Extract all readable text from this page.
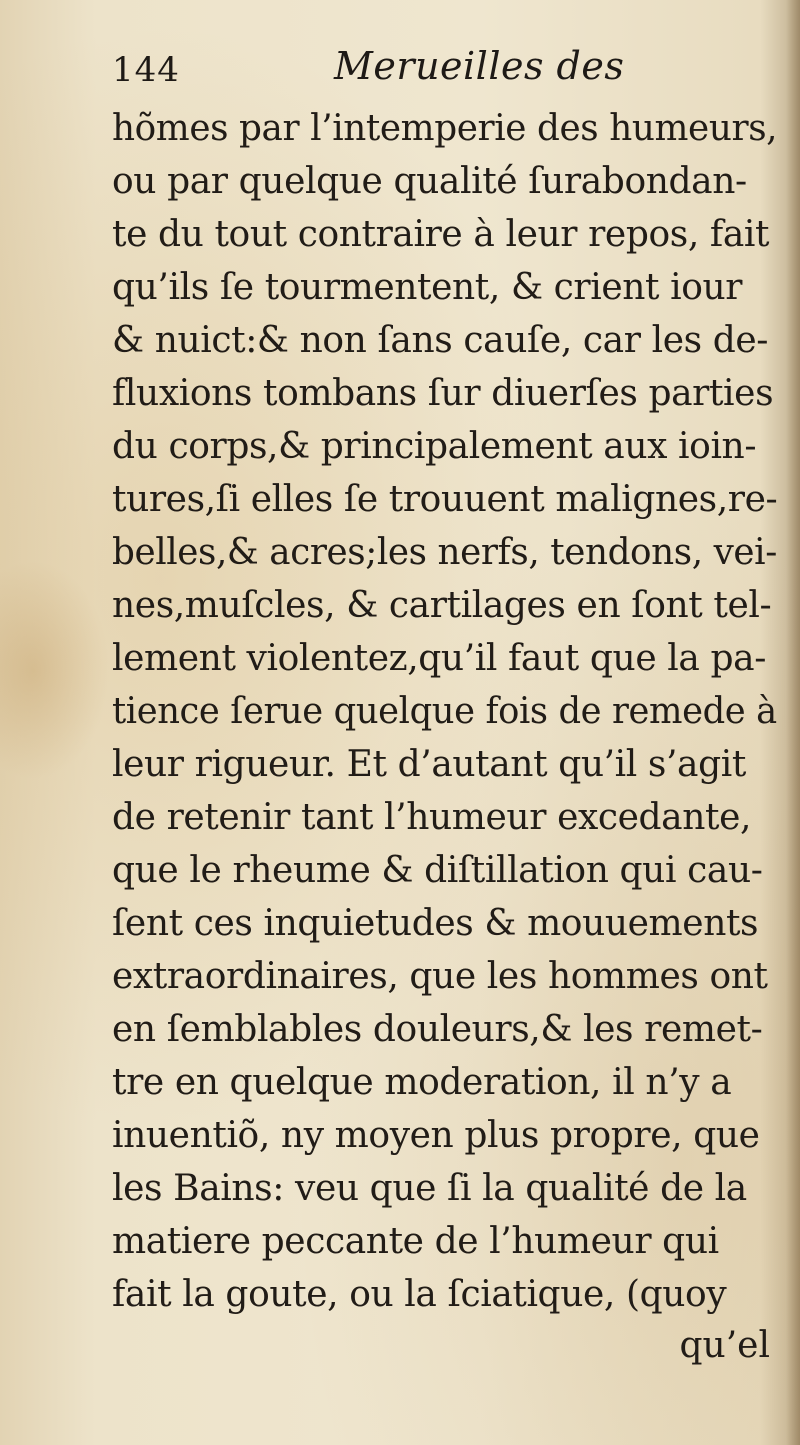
144	Merueilles des
hõmes par l’intemperie des humeurs,
ou par quelque qualité ſurabondan-
te du tout contraire à leur repos, fait
qu’ils ſe tourmentent, & crient iour
& nuict:& non ſans cauſe, car les de-
fluxions tombans ſur diuerſes parties
du corps,& principalement aux ioin-
tures,ſi elles ſe trouuent malignes,re-
belles,& acres;les nerfs, tendons, vei-
nes,muſcles, & cartilages en ſont tel-
lement violentez,qu’il faut que la pa-
tience ſerue quelque fois de remede à
leur rigueur. Et d’autant qu’il s’agit
de retenir tant l’humeur excedante,
que le rheume & diſtillation qui cau-
ſent ces inquietudes & mouuements
extraordinaires, que les hommes ont
en ſemblables douleurs,& les remet-
tre en quelque moderation, il n’y a
inuentiõ, ny moyen plus propre, que
les Bains: veu que ſi la qualité de la
matiere peccante de l’humeur qui
fait la goute, ou la ſciatique, (quoy
qu’el
